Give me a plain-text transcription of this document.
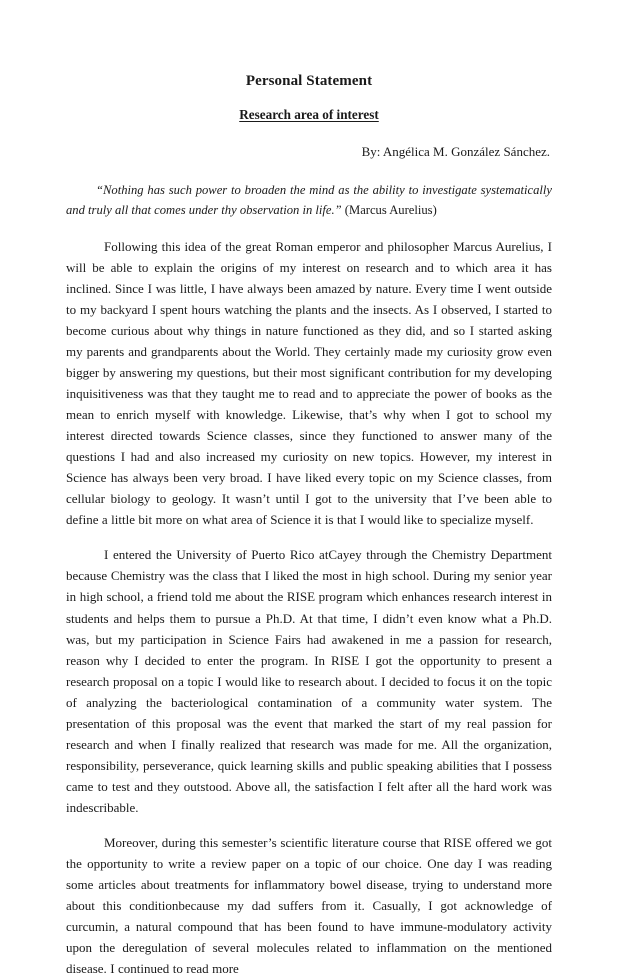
Personal Statement
Research area of interest

By: Angélica M. González Sánchez.

“Nothing has such power to broaden the mind as the ability to investigate systematically and truly all that comes under thy observation in life.” (Marcus Aurelius)

Following this idea of the great Roman emperor and philosopher Marcus Aurelius, I will be able to explain the origins of my interest on research and to which area it has inclined. Since I was little, I have always been amazed by nature. Every time I went outside to my backyard I spent hours watching the plants and the insects. As I observed, I started to become curious about why things in nature functioned as they did, and so I started asking my parents and grandparents about the World. They certainly made my curiosity grow even bigger by answering my questions, but their most significant contribution for my developing inquisitiveness was that they taught me to read and to appreciate the power of books as the mean to enrich myself with knowledge. Likewise, that’s why when I got to school my interest directed towards Science classes, since they functioned to answer many of the questions I had and also increased my curiosity on new topics. However, my interest in Science has always been very broad. I have liked every topic on my Science classes, from cellular biology to geology. It wasn’t until I got to the university that I’ve been able to define a little bit more on what area of Science it is that I would like to specialize myself.

I entered the University of Puerto Rico atCayey through the Chemistry Department because Chemistry was the class that I liked the most in high school. During my senior year in high school, a friend told me about the RISE program which enhances research interest in students and helps them to pursue a Ph.D. At that time, I didn’t even know what a Ph.D. was, but my participation in Science Fairs had awakened in me a passion for research, reason why I decided to enter the program. In RISE I got the opportunity to present a research proposal on a topic I would like to research about. I decided to focus it on the topic of analyzing the bacteriological contamination of a community water system. The presentation of this proposal was the event that marked the start of my real passion for research and when I finally realized that research was made for me. All the organization, responsibility, perseverance, quick learning skills and public speaking abilities that I possess came to test and they outstood. Above all, the satisfaction I felt after all the hard work was indescribable.

Moreover, during this semester’s scientific literature course that RISE offered we got the opportunity to write a review paper on a topic of our choice. One day I was reading some articles about treatments for inflammatory bowel disease, trying to understand more about this conditionbecause my dad suffers from it. Casually, I got acknowledge of curcumin, a natural compound that has been found to have immune-modulatory activity upon the deregulation of several molecules related to inflammation on the mentioned disease. I continued to read more
